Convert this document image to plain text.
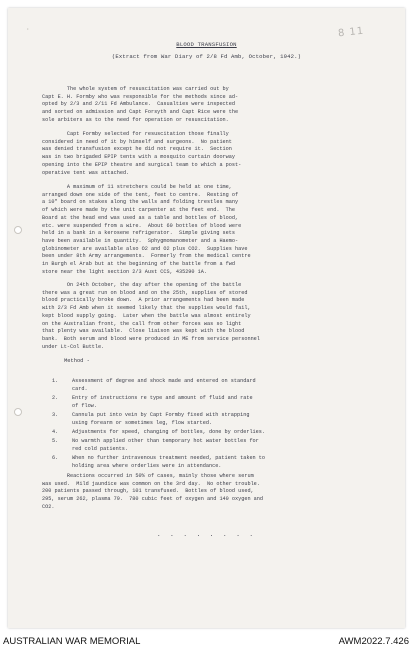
·	8 11
BLOOD TRANSFUSION
(Extract from War Diary of 2/8 Fd Amb, October, 1942.)

The whole system of resuscitation was carried out by
Capt E. H. Formby who was responsible for the methods since ad-
opted by 2/3 and 2/11 Fd Ambulance.  Casualties were inspected
and sorted on admission and Capt Forsyth and Capt Rice were the
sole arbiters as to the need for operation or resuscitation.

Capt Formby selected for resuscitation those finally
considered in need of it by himself and surgeons.  No patient
was denied transfusion except he did not require it.  Section
was in two brigaded EPIP tents with a mosquito curtain doorway
opening into the EPIP theatre and surgical team to which a post-
operative tent was attached.

A maximum of 11 stretchers could be held at one time,
arranged down one side of the tent, feet to centre.  Resting of
a 10" board on stakes along the walls and folding trestles many
of which were made by the unit carpenter at the feet end.  The
Board at the head end was used as a table and bottles of blood,
etc. were suspended from a wire.  About 60 bottles of blood were
held in a bank in a kerosene refrigerator.  Simple giving sets
have been available in quantity.  Sphygmomanometer and a Haemo-
globinometer are available also O2 and O2 plus CO2.  Supplies have
been under 8th Army arrangements.  Formerly from the medical centre
in Burgh el Arab but at the beginning of the battle from a fwd
store near the light section 2/3 Aust CCS, 435290 1A.

On 24th October, the day after the opening of the battle
there was a great run on blood and on the 25th, supplies of stored
blood practically broke down.  A prior arrangements had been made
with 2/3 Fd Amb when it seemed likely that the supplies would fail,
kept blood supply going.  Later when the battle was almost entirely
on the Australian front, the call from other forces was so light
that plenty was available.  Close liaison was kept with the blood
bank.  Both serum and blood were produced in ME from service personnel
under Lt-Col Buttle.

Method -
1.	Assessment of degree and shock made and entered on standard
card.
2.	Entry of instructions re type and amount of fluid and rate
of flow.
3.	Cannula put into vein by Capt Formby fixed with strapping
using forearm or sometimes leg, flow started.
4.	Adjustments for speed, changing of bottles, done by orderlies.
5.	No warmth applied other than temporary hot water bottles for
red cold patients.
6.	When no further intravenous treatment needed, patient taken to
holding area where orderlies were in attendance.

Reactions occurred in 50% of cases, mainly those where serum
was used.  Mild jaundice was common on the 3rd day.  No other trouble.
200 patients passed through, 101 transfused.  Bottles of blood used,
295, serum 262, plasma 79.  780 cubic feet of oxygen and 140 oxygen and
CO2.

. . . . . . . .
AUSTRALIAN WAR MEMORIAL	AWM2022.7.426
